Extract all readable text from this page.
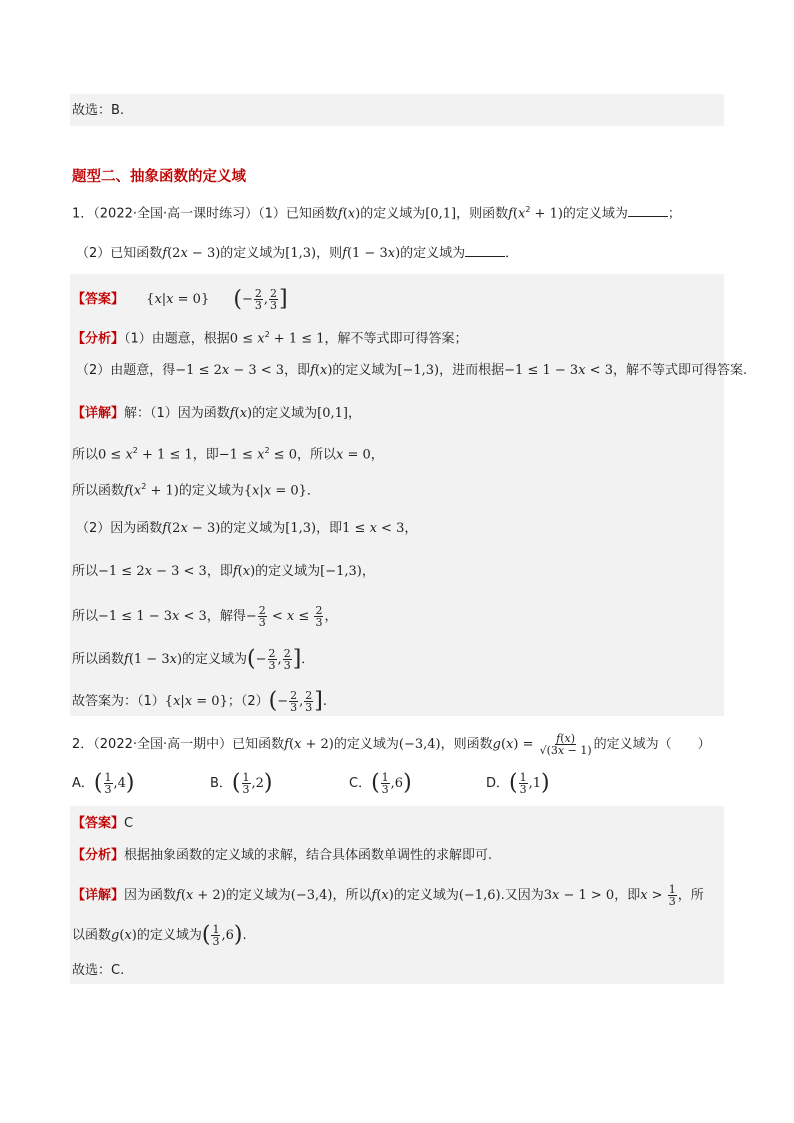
故选：B.
题型二、抽象函数的定义域
1．（2022·全国·高一课时练习）（1）已知函数f(x)的定义域为[0,1]，则函数$f(x^2 + 1)$的定义域为	；
（2）已知函数f(2x − 3)的定义域为[1,3)，则f(1 − 3x)的定义域为	．
【答案】 {x|x = 0} (− $\frac{2}{3}$ , $\frac{2}{3}$ ]
【分析】（1）由题意，根据$0 \le x^2 + 1 \le 1$，解不等式即可得答案；
（2）由题意，得−1 ≤ 2x − 3 < 3，即f(x)的定义域为[−1,3)，进而根据−1 ≤ 1 − 3x < 3，解不等式即可得答案.
【详解】解：（1）因为函数f(x)的定义域为[0,1]，
所以$0 \le x^2 + 1 \le 1$，即$-1 \le x^2 \le 0$，所以x = 0，
所以函数$f(x^2 + 1)$的定义域为{x|x = 0}．
（2）因为函数f(2x − 3)的定义域为[1,3)，即1 ≤ x < 3，
所以−1 ≤ 2x − 3 < 3，即f(x)的定义域为[−1,3)，
所以−1 ≤ 1 − 3x < 3，解得− $\frac{2}{3} < x \le \frac{2}{3}$ ，
所以函数f(1 − 3x)的定义域为(− $\frac{2}{3}$ , $\frac{2}{3}$ ]．
故答案为：（1）{x|x = 0}；$(2)(- \frac{2}{3}$ , $\frac{2}{3}$ ].
2．（2022·全国·高一期中）已知函数f(x + 2)的定义域为(−3,4)，则函数$g(x) = \frac{f(x)}{√(3x - 1)}$ 的定义域为（　　）
A．( $\frac{1}{3} ,4$)	B．( $\frac{1}{3} ,2$)	C．( $\frac{1}{3} ,6$)	D．( $\frac{1}{3} ,1$)
【答案】C
【分析】根据抽象函数的定义域的求解，结合具体函数单调性的求解即可.
【详解】因为函数f(x + 2)的定义域为(−3,4)，所以f(x)的定义域为(−1,6).又因为3x − 1 > 0，即$x > \frac{1}{3}$ ，所
以函数g(x)的定义域为( $\frac{1}{3} ,6$).
故选：C.
